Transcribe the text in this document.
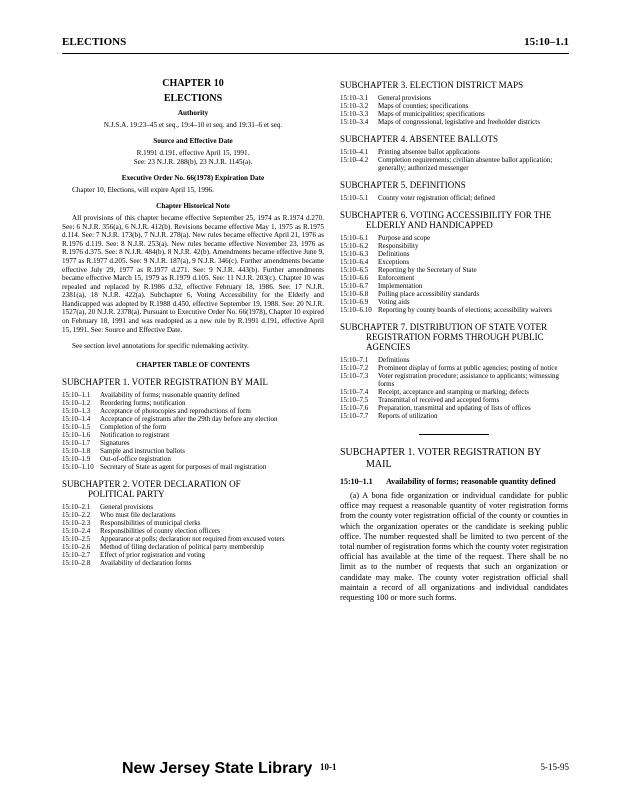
ELECTIONS	15:10–1.1
CHAPTER 10
ELECTIONS
Authority

N.J.S.A. 19:23–45 et seq., 19:4–10 et seq. and 19:31–6 et seq.

Source and Effective Date

R.1991 d.191, effective April 15, 1991.

See: 23 N.J.R. 288(b), 23 N.J.R. 1145(a).

Executive Order No. 66(1978) Expiration Date

Chapter 10, Elections, will expire April 15, 1996.

Chapter Historical Note

All provisions of this chapter became effective September 25, 1974 as R.1974 d.270. See: 6 N.J.R. 356(a), 6 N.J.R. 412(b). Revisions became effective May 1, 1975 as R.1975 d.114. See: 7 N.J.R. 173(b), 7 N.J.R. 278(a). New rules became effective April 21, 1976 as R.1976 d.119. See: 8 N.J.R. 253(a). New rules became effective November 23, 1976 as R.1976 d.375. See: 8 N.J.R. 484(b), 8 N.J.R. 42(b). Amendments became effective June 9, 1977 as R.1977 d.205. See: 9 N.J.R. 187(a), 9 N.J.R. 346(c). Further amendments became effective July 29, 1977 as R.1977 d.271. See: 9 N.J.R. 443(b). Further amendments became effective March 15, 1979 as R.1979 d.105. See: 11 N.J.R. 203(c). Chapter 10 was repealed and replaced by R.1986 d.32, effective February 18, 1986. See: 17 N.J.R. 2381(a), 18 N.J.R. 422(a). Subchapter 6, Voting Accessibility for the Elderly and Handicapped was adopted by R.1988 d.450, effective September 19, 1988. See: 20 N.J.R. 1527(a), 20 N.J.R. 2378(a). Pursuant to Executive Order No. 66(1978), Chapter 10 expired on February 18, 1991 and was readopted as a new rule by R.1991 d.191, effective April 15, 1991. See: Source and Effective Date.

See section level annotations for specific rulemaking activity.

CHAPTER TABLE OF CONTENTS
SUBCHAPTER 1. VOTER REGISTRATION BY MAIL
15:10–1.1	Availability of forms; reasonable quantity defined
15:10–1.2	Reordering forms; notification
15:10–1.3	Acceptance of photocopies and reproductions of form
15:10–1.4	Acceptance of registrants after the 29th day before any election
15:10–1.5	Completion of the form
15:10–1.6	Notification to registrant
15:10–1.7	Signatures
15:10–1.8	Sample and instruction ballots
15:10–1.9	Out-of-office registration
15:10–1.10	Secretary of State as agent for purposes of mail registration
SUBCHAPTER 2. VOTER DECLARATION OF
POLITICAL PARTY
15:10–2.1	General provisions
15:10–2.2	Who must file declarations
15:10–2.3	Responsibilities of municipal clerks
15:10–2.4	Responsibilities of county election officers
15:10–2.5	Appearance at polls; declaration not required from excused voters
15:10–2.6	Method of filing declaration of political party membership
15:10–2.7	Effect of prior registration and voting
15:10–2.8	Availability of declaration forms
SUBCHAPTER 3. ELECTION DISTRICT MAPS
15:10–3.1	General provisions
15:10–3.2	Maps of counties; specifications
15:10–3.3	Maps of municipalities; specifications
15:10–3.4	Maps of congressional, legislative and freeholder districts
SUBCHAPTER 4. ABSENTEE BALLOTS
15:10–4.1	Printing absentee ballot applications
15:10–4.2	Completion requirements; civilian absentee ballot application; generally; authorized messenger
SUBCHAPTER 5. DEFINITIONS
15:10–5.1	County voter registration official; defined
SUBCHAPTER 6. VOTING ACCESSIBILITY FOR THE
ELDERLY AND HANDICAPPED
15:10–6.1	Purpose and scope
15:10–6.2	Responsibility
15:10–6.3	Definitions
15:10–6.4	Exceptions
15:10–6.5	Reporting by the Secretary of State
15:10–6.6	Enforcement
15:10–6.7	Implementation
15:10–6.8	Polling place accessibility standards
15:10–6.9	Voting aids
15:10–6.10	Reporting by county boards of elections; accessibility waivers
SUBCHAPTER 7. DISTRIBUTION OF STATE VOTER
REGISTRATION FORMS THROUGH PUBLIC
AGENCIES
15:10–7.1	Definitions
15:10–7.2	Prominent display of forms at public agencies; posting of notice
15:10–7.3	Voter registration procedure; assistance to applicants; witnessing forms
15:10–7.4	Receipt, acceptance and stamping or marking; defects
15:10–7.5	Transmittal of received and accepted forms
15:10–7.6	Preparation, transmittal and updating of lists of offices
15:10–7.7	Reports of utilization
SUBCHAPTER 1. VOTER REGISTRATION BY
MAIL
15:10–1.1	Availability of forms; reasonable quantity defined

(a) A bona fide organization or individual candidate for public office may request a reasonable quantity of voter registration forms from the county voter registration official of the county or counties in which the organization operates or the candidate is seeking public office. The number requested shall be limited to two percent of the total number of registration forms which the county voter registration official has available at the time of the request. There shall be no limit as to the number of requests that such an organization or candidate may make. The county voter registration official shall maintain a record of all organizations and individual candidates requesting 100 or more such forms.

New Jersey State Library 10-1	5-15-95
